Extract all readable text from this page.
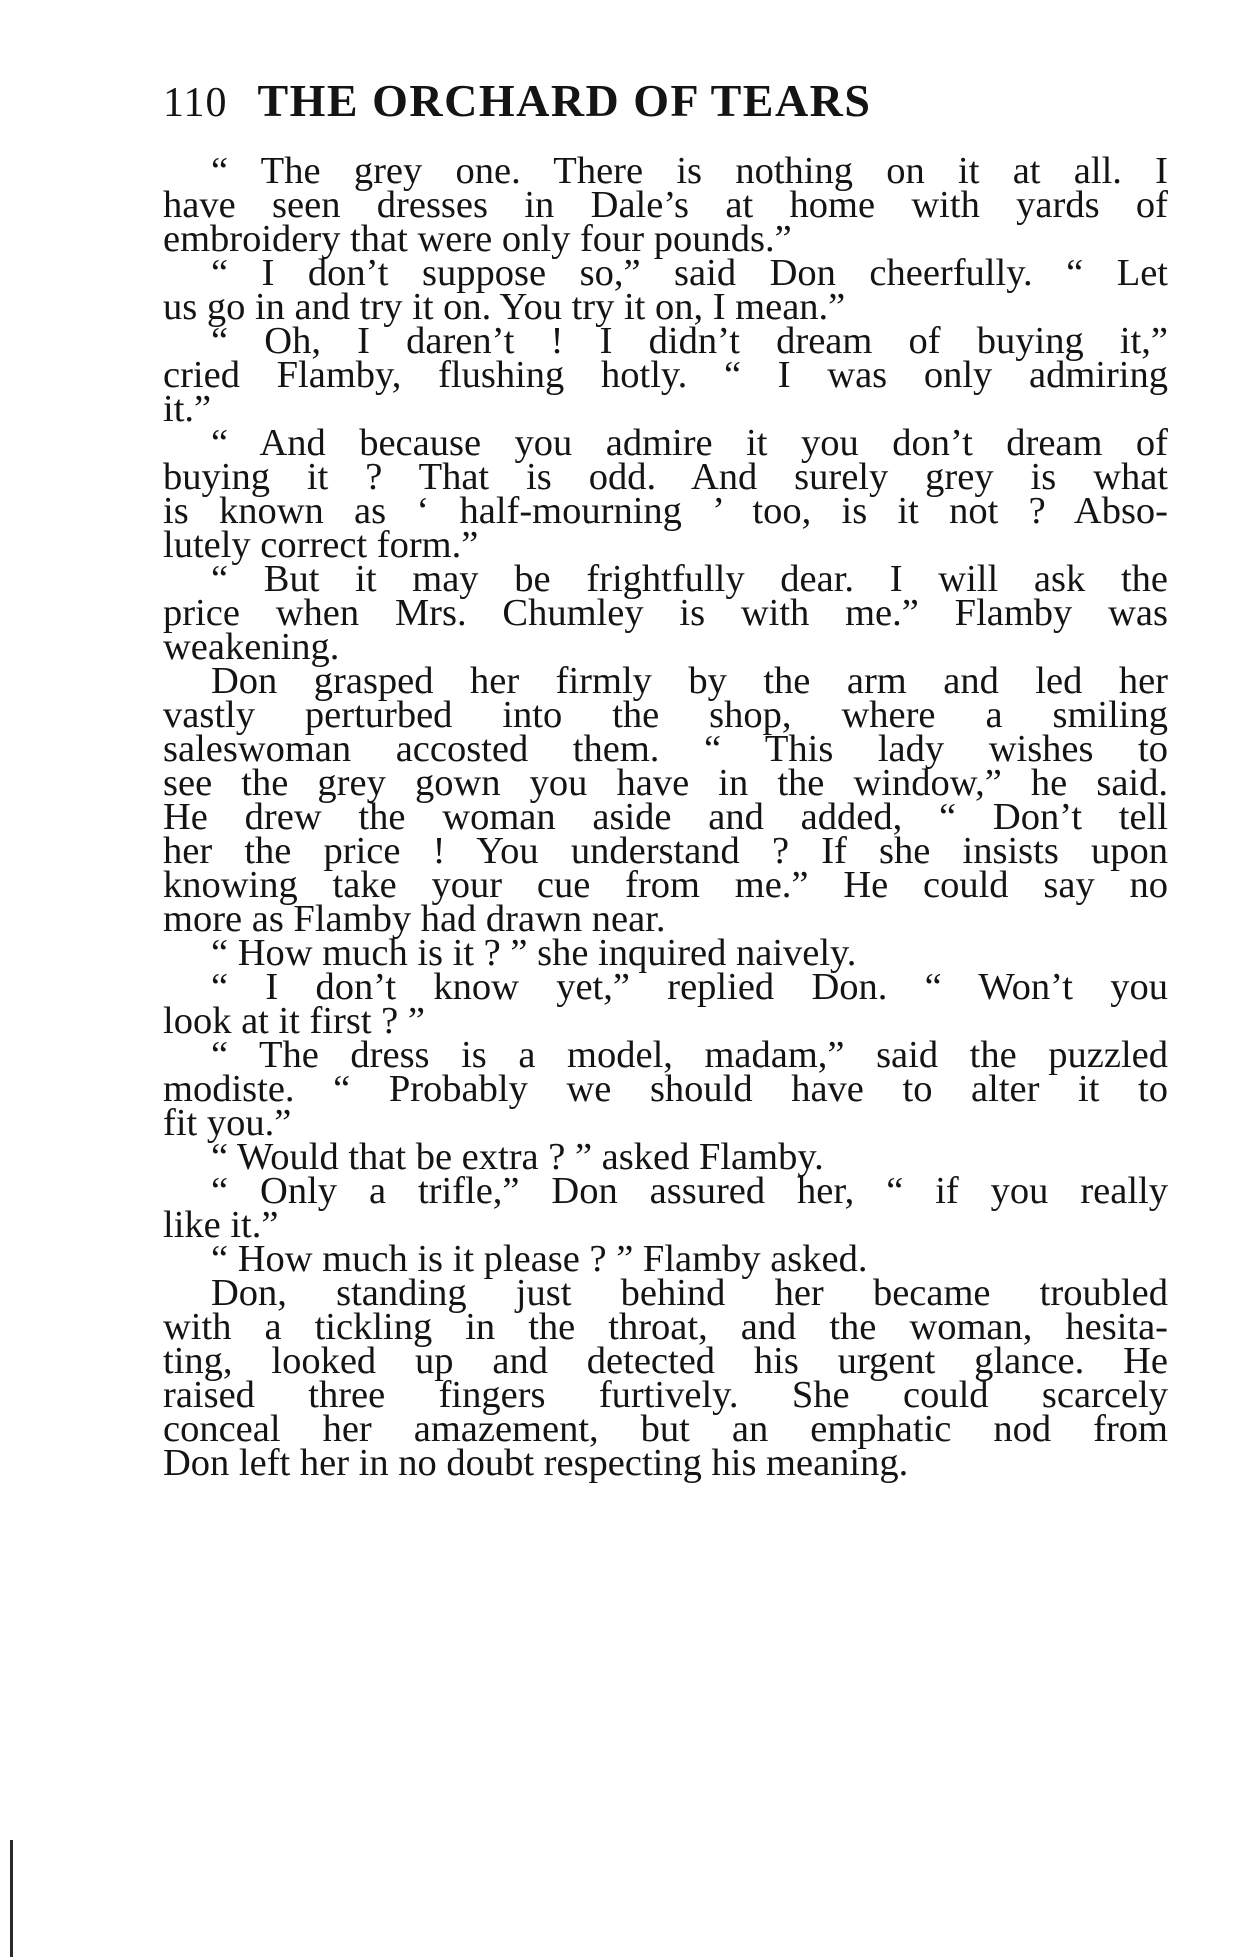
110 THE ORCHARD OF TEARS
“ The grey one. There is nothing on it at all. I
have seen dresses in Dale’s at home with yards of
embroidery that were only four pounds.”
“ I don’t suppose so,” said Don cheerfully. “ Let
us go in and try it on. You try it on, I mean.”
“ Oh, I daren’t ! I didn’t dream of buying it,”
cried Flamby, flushing hotly. “ I was only admiring
it.”
“ And because you admire it you don’t dream of
buying it ? That is odd. And surely grey is what
is known as ‘ half-mourning ’ too, is it not ? Abso-
lutely correct form.”
“ But it may be frightfully dear. I will ask the
price when Mrs. Chumley is with me.” Flamby was
weakening.
Don grasped her firmly by the arm and led her
vastly perturbed into the shop, where a smiling
saleswoman accosted them. “ This lady wishes to
see the grey gown you have in the window,” he said.
He drew the woman aside and added, “ Don’t tell
her the price ! You understand ? If she insists upon
knowing take your cue from me.” He could say no
more as Flamby had drawn near.
“ How much is it ? ” she inquired naively.
“ I don’t know yet,” replied Don. “ Won’t you
look at it first ? ”
“ The dress is a model, madam,” said the puzzled
modiste. “ Probably we should have to alter it to
fit you.”
“ Would that be extra ? ” asked Flamby.
“ Only a trifle,” Don assured her, “ if you really
like it.”
“ How much is it please ? ” Flamby asked.
Don, standing just behind her became troubled
with a tickling in the throat, and the woman, hesita-
ting, looked up and detected his urgent glance. He
raised three fingers furtively. She could scarcely
conceal her amazement, but an emphatic nod from
Don left her in no doubt respecting his meaning.
